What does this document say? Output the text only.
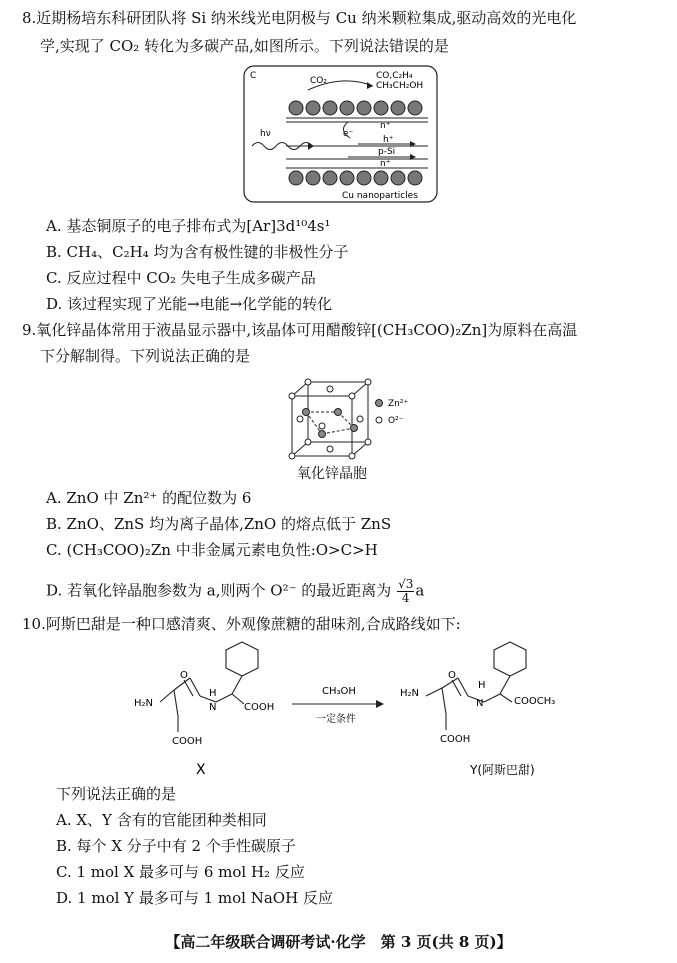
8.近期杨培东科研团队将 Si 纳米线光电阴极与 Cu 纳米颗粒集成,驱动高效的光电化
学,实现了 CO₂ 转化为多碳产品,如图所示。下列说法错误的是
C	CO₂	CO,C₂H₄
CH₃CH₂OH
n⁺
e⁻
h⁺
p-Si
n⁺
hν
Cu nanoparticles
A. 基态铜原子的电子排布式为[Ar]3d¹⁰4s¹
B. CH₄、C₂H₄ 均为含有极性键的非极性分子
C. 反应过程中 CO₂ 失电子生成多碳产品
D. 该过程实现了光能→电能→化学能的转化
9.氧化锌晶体常用于液晶显示器中,该晶体可用醋酸锌[(CH₃COO)₂Zn]为原料在高温
下分解制得。下列说法正确的是
Zn²⁺
O²⁻
氧化锌晶胞
A. ZnO 中 Zn²⁺ 的配位数为 6
B. ZnO、ZnS 均为离子晶体,ZnO 的熔点低于 ZnS
C. (CH₃COO)₂Zn 中非金属元素电负性:O>C>H
D. 若氧化锌晶胞参数为 a,则两个 O²⁻ 的最近距离为 $\frac{√3}{4}$ a
10.阿斯巴甜是一种口感清爽、外观像蔗糖的甜味剂,合成路线如下:
H₂N
O
H
N	COOH
COOH
CH₃OH
一定条件
H₂N
O
H
N	COOCH₃
COOH
X	Y(阿斯巴甜)
下列说法正确的是
A. X、Y 含有的官能团种类相同
B. 每个 X 分子中有 2 个手性碳原子
C. 1 mol X 最多可与 6 mol H₂ 反应
D. 1 mol Y 最多可与 1 mol NaOH 反应
【高二年级联合调研考试·化学　第 3 页(共 8 页)】
